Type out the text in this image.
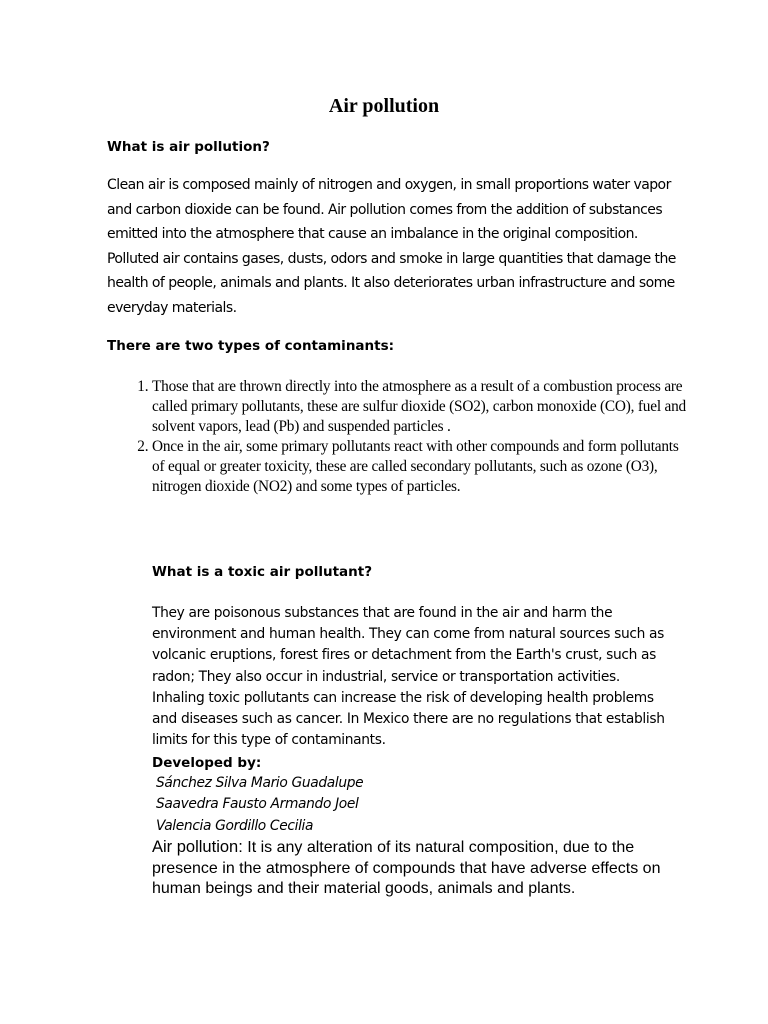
Air pollution
What is air pollution?
Clean air is composed mainly of nitrogen and oxygen, in small proportions water vapor and carbon dioxide can be found. Air pollution comes from the addition of substances emitted into the atmosphere that cause an imbalance in the original composition. Polluted air contains gases, dusts, odors and smoke in large quantities that damage the health of people, animals and plants. It also deteriorates urban infrastructure and some everyday materials.
There are two types of contaminants:
1. Those that are thrown directly into the atmosphere as a result of a combustion process are called primary pollutants, these are sulfur dioxide (SO2), carbon monoxide (CO), fuel and solvent vapors, lead (Pb) and suspended particles .
2. Once in the air, some primary pollutants react with other compounds and form pollutants of equal or greater toxicity, these are called secondary pollutants, such as ozone (O3), nitrogen dioxide (NO2) and some types of particles.
What is a toxic air pollutant?
They are poisonous substances that are found in the air and harm the environment and human health. They can come from natural sources such as volcanic eruptions, forest fires or detachment from the Earth's crust, such as radon; They also occur in industrial, service or transportation activities. Inhaling toxic pollutants can increase the risk of developing health problems and diseases such as cancer. In Mexico there are no regulations that establish limits for this type of contaminants.
Developed by:
Sánchez Silva Mario Guadalupe
Saavedra Fausto Armando Joel
Valencia Gordillo Cecilia
Air pollution: It is any alteration of its natural composition, due to the presence in the atmosphere of compounds that have adverse effects on human beings and their material goods, animals and plants.
